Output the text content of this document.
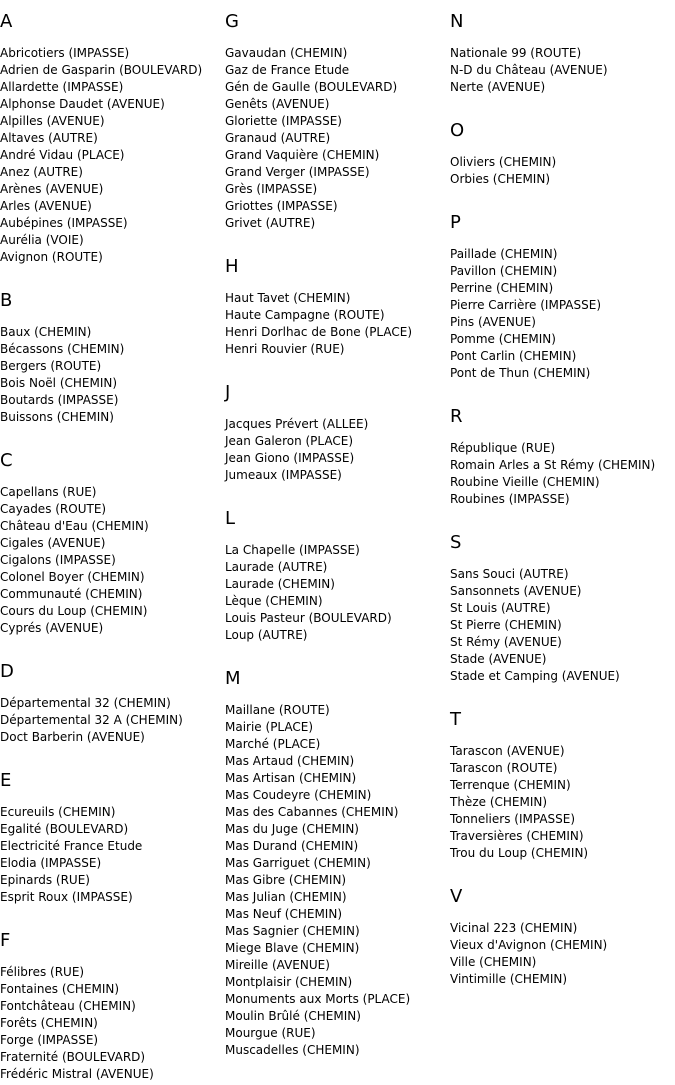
A
Abricotiers (IMPASSE)
Adrien de Gasparin (BOULEVARD)
Allardette (IMPASSE)
Alphonse Daudet (AVENUE)
Alpilles (AVENUE)
Altaves (AUTRE)
André Vidau (PLACE)
Anez (AUTRE)
Arènes (AVENUE)
Arles (AVENUE)
Aubépines (IMPASSE)
Aurélia (VOIE)
Avignon (ROUTE)
B
Baux (CHEMIN)
Bécassons (CHEMIN)
Bergers (ROUTE)
Bois Noël (CHEMIN)
Boutards (IMPASSE)
Buissons (CHEMIN)
C
Capellans (RUE)
Cayades (ROUTE)
Château d'Eau (CHEMIN)
Cigales (AVENUE)
Cigalons (IMPASSE)
Colonel Boyer (CHEMIN)
Communauté (CHEMIN)
Cours du Loup (CHEMIN)
Cyprés (AVENUE)
D
Départemental 32 (CHEMIN)
Départemental 32 A (CHEMIN)
Doct Barberin (AVENUE)
E
Ecureuils (CHEMIN)
Egalité (BOULEVARD)
Electricité France Etude
Elodia (IMPASSE)
Epinards (RUE)
Esprit Roux (IMPASSE)
F
Félibres (RUE)
Fontaines (CHEMIN)
Fontchâteau (CHEMIN)
Forêts (CHEMIN)
Forge (IMPASSE)
Fraternité (BOULEVARD)
Frédéric Mistral (AVENUE)
G
Gavaudan (CHEMIN)
Gaz de France Etude
Gén de Gaulle (BOULEVARD)
Genêts (AVENUE)
Gloriette (IMPASSE)
Granaud (AUTRE)
Grand Vaquière (CHEMIN)
Grand Verger (IMPASSE)
Grès (IMPASSE)
Griottes (IMPASSE)
Grivet (AUTRE)
H
Haut Tavet (CHEMIN)
Haute Campagne (ROUTE)
Henri Dorlhac de Bone (PLACE)
Henri Rouvier (RUE)
J
Jacques Prévert (ALLEE)
Jean Galeron (PLACE)
Jean Giono (IMPASSE)
Jumeaux (IMPASSE)
L
La Chapelle (IMPASSE)
Laurade (AUTRE)
Laurade (CHEMIN)
Lèque (CHEMIN)
Louis Pasteur (BOULEVARD)
Loup (AUTRE)
M
Maillane (ROUTE)
Mairie (PLACE)
Marché (PLACE)
Mas Artaud (CHEMIN)
Mas Artisan (CHEMIN)
Mas Coudeyre (CHEMIN)
Mas des Cabannes (CHEMIN)
Mas du Juge (CHEMIN)
Mas Durand (CHEMIN)
Mas Garriguet (CHEMIN)
Mas Gibre (CHEMIN)
Mas Julian (CHEMIN)
Mas Neuf (CHEMIN)
Mas Sagnier (CHEMIN)
Miege Blave (CHEMIN)
Mireille (AVENUE)
Montplaisir (CHEMIN)
Monuments aux Morts (PLACE)
Moulin Brûlé (CHEMIN)
Mourgue (RUE)
Muscadelles (CHEMIN)
N
Nationale 99 (ROUTE)
N-D du Château (AVENUE)
Nerte (AVENUE)
O
Oliviers (CHEMIN)
Orbies (CHEMIN)
P
Paillade (CHEMIN)
Pavillon (CHEMIN)
Perrine (CHEMIN)
Pierre Carrière (IMPASSE)
Pins (AVENUE)
Pomme (CHEMIN)
Pont Carlin (CHEMIN)
Pont de Thun (CHEMIN)
R
République (RUE)
Romain Arles a St Rémy (CHEMIN)
Roubine Vieille (CHEMIN)
Roubines (IMPASSE)
S
Sans Souci (AUTRE)
Sansonnets (AVENUE)
St Louis (AUTRE)
St Pierre (CHEMIN)
St Rémy (AVENUE)
Stade (AVENUE)
Stade et Camping (AVENUE)
T
Tarascon (AVENUE)
Tarascon (ROUTE)
Terrenque (CHEMIN)
Thèze (CHEMIN)
Tonneliers (IMPASSE)
Traversières (CHEMIN)
Trou du Loup (CHEMIN)
V
Vicinal 223 (CHEMIN)
Vieux d'Avignon (CHEMIN)
Ville (CHEMIN)
Vintimille (CHEMIN)
